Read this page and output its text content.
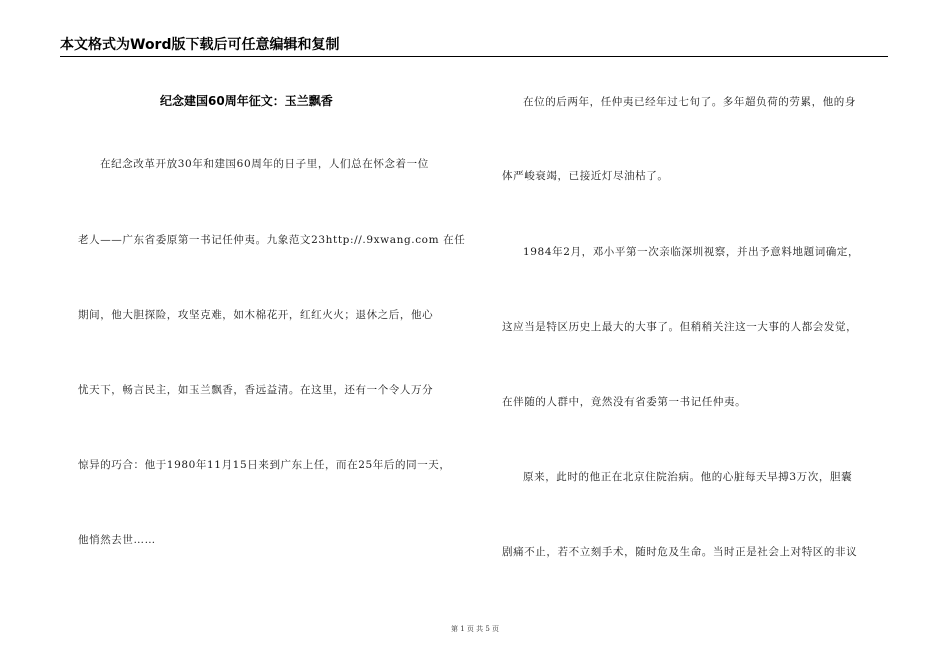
本文格式为Word版下载后可任意编辑和复制
纪念建国60周年征文：玉兰飘香
在纪念改革开放30年和建国60周年的日子里，人们总在怀念着一位
老人——广东省委原第一书记任仲夷。九象范文23http://.9xwang.com 在任
期间，他大胆探险，攻坚克难，如木棉花开，红红火火；退休之后，他心
忧天下，畅言民主，如玉兰飘香，香远益清。在这里，还有一个令人万分
惊异的巧合：他于1980年11月15日来到广东上任，而在25年后的同一天，
他悄然去世……
在位的后两年，任仲夷已经年过七旬了。多年超负荷的劳累，他的身
体严峻衰竭，已接近灯尽油枯了。
1984年2月，邓小平第一次亲临深圳视察，并出予意料地题词确定，
这应当是特区历史上最大的大事了。但稍稍关注这一大事的人都会发觉，
在伴随的人群中，竟然没有省委第一书记任仲夷。
原来，此时的他正在北京住院治病。他的心脏每天早搏3万次，胆囊
剧痛不止，若不立刻手术，随时危及生命。当时正是社会上对特区的非议
第 1 页 共 5 页
